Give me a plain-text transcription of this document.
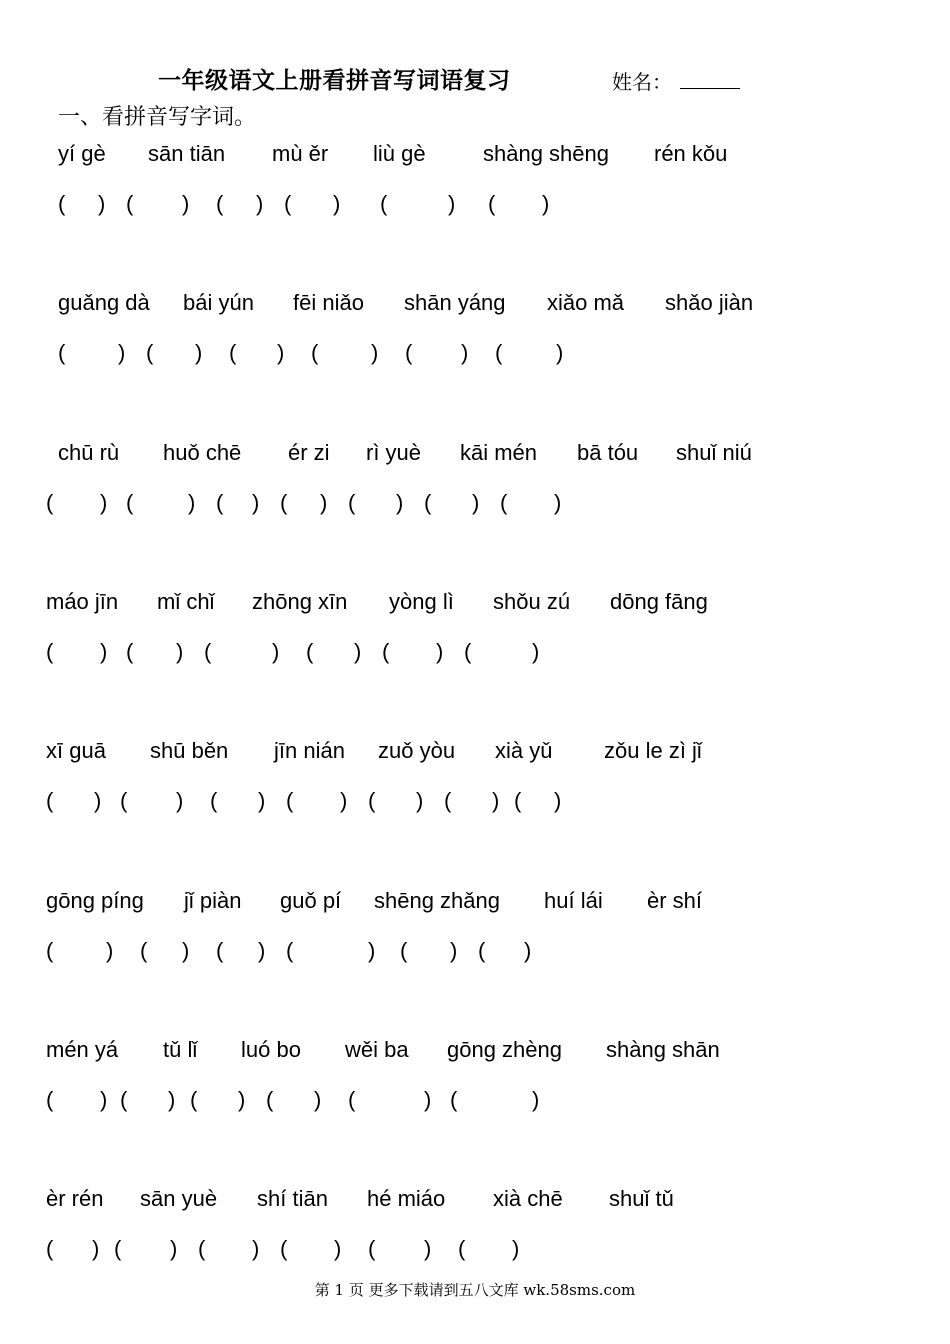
一年级语文上册看拼音写词语复习	姓名：
一、看拼音写字词。
yí gè sān tiān mù ěr liù gè	shàng shēng rén kǒu
( ) ( ) ( ) ( ) (	) ( )
guǎng dà bái yún fēi niǎo shān yáng xiǎo mǎ shǎo jiàn
( ) ( ) ( ) ( ) ( ) ( )
chū rù huǒ chē ér zi rì yuè kāi mén bā tóu shuǐ niú
( ) ( ) ( ) ( ) ( ) ( ) ( )
máo jīn mǐ chǐ zhōng xīn yòng lì shǒu zú dōng fāng
( ) ( ) (	) ( ) ( ) (	)
xī guā shū běn jīn nián zuǒ yòu xià yǔ zǒu le zì jǐ
( ) ( ) ( ) ( ) ( ) ( ) ( )
gōng píng jǐ piàn guǒ pí shēng zhǎng huí lái èr shí
( ) ( ) ( ) (	) ( ) ( )
mén yá tǔ lǐ luó bo wěi ba gōng zhèng shàng shān
( ) ( ) ( ) ( ) (	) (	)
èr rén sān yuè shí tiān hé miáo xià chē shuǐ tǔ
( ) ( ) ( ) ( ) ( ) ( )
第 1 页 更多下载请到五八文库 wk.58sms.com
